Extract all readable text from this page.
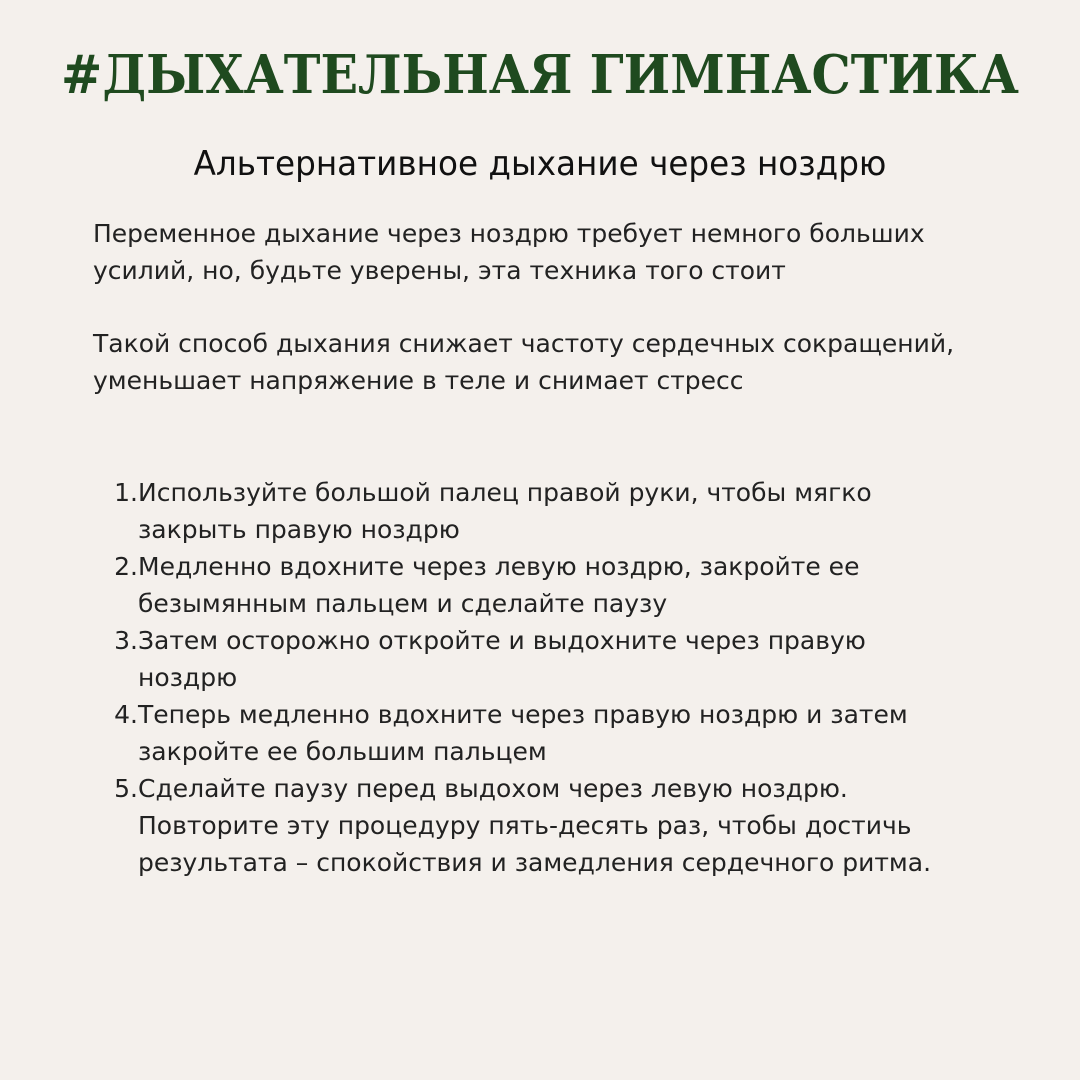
#ДЫХАТЕЛЬНАЯ ГИМНАСТИКА
Альтернативное дыхание через ноздрю
Переменное дыхание через ноздрю требует немного больших усилий, но, будьте уверены, эта техника того стоит
Такой способ дыхания снижает частоту сердечных сокращений, уменьшает напряжение в теле и снимает стресс
1. Используйте большой палец правой руки, чтобы мягко закрыть правую ноздрю
2. Медленно вдохните через левую ноздрю, закройте ее безымянным пальцем и сделайте паузу
3. Затем осторожно откройте и выдохните через правую ноздрю
4. Теперь медленно вдохните через правую ноздрю и затем закройте ее большим пальцем
5. Сделайте паузу перед выдохом через левую ноздрю. Повторите эту процедуру пять-десять раз, чтобы достичь результата – спокойствия и замедления сердечного ритма.
